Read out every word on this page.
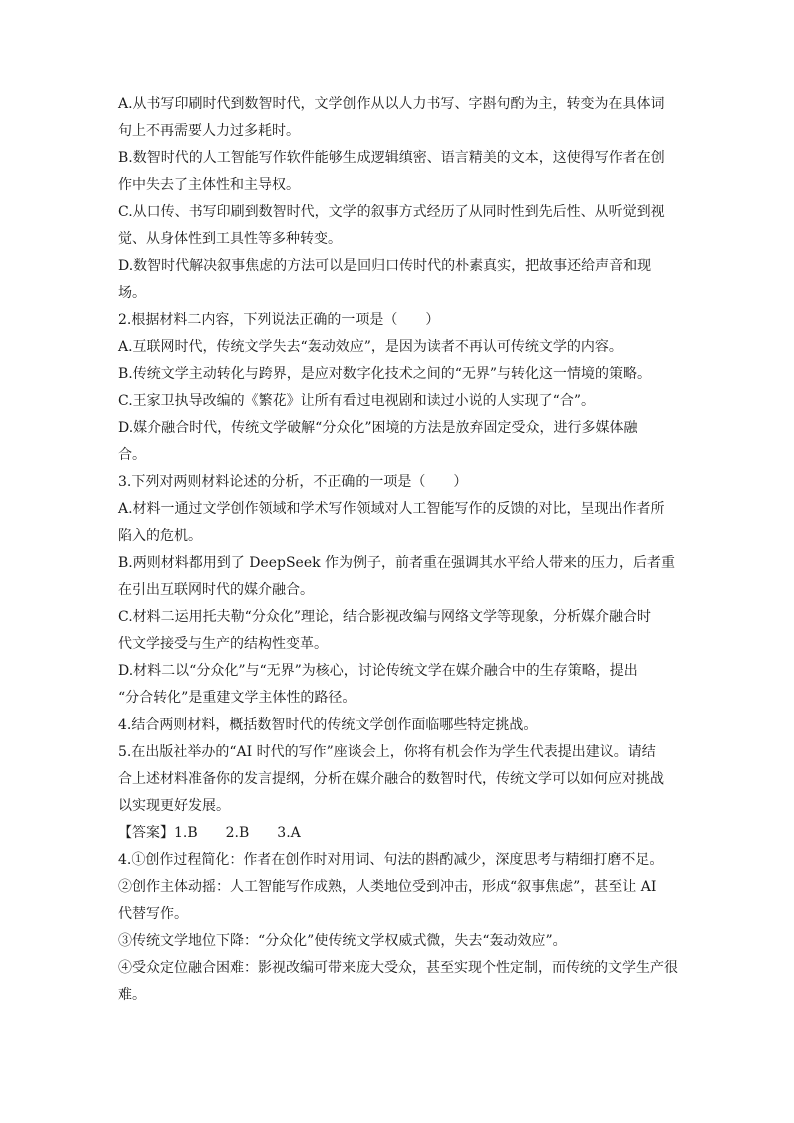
A.从书写印刷时代到数智时代，文学创作从以人力书写、字斟句酌为主，转变为在具体词

句上不再需要人力过多耗时。

B.数智时代的人工智能写作软件能够生成逻辑缜密、语言精美的文本，这使得写作者在创

作中失去了主体性和主导权。

C.从口传、书写印刷到数智时代，文学的叙事方式经历了从同时性到先后性、从听觉到视

觉、从身体性到工具性等多种转变。

D.数智时代解决叙事焦虑的方法可以是回归口传时代的朴素真实，把故事还给声音和现

场。

2.根据材料二内容，下列说法正确的一项是（　　）

A.互联网时代，传统文学失去“轰动效应”，是因为读者不再认可传统文学的内容。

B.传统文学主动转化与跨界，是应对数字化技术之间的“无界”与转化这一情境的策略。

C.王家卫执导改编的《繁花》让所有看过电视剧和读过小说的人实现了“合”。

D.媒介融合时代，传统文学破解“分众化”困境的方法是放弃固定受众，进行多媒体融

合。

3.下列对两则材料论述的分析，不正确的一项是（　　）

A.材料一通过文学创作领域和学术写作领域对人工智能写作的反馈的对比，呈现出作者所

陷入的危机。

B.两则材料都用到了 DeepSeek 作为例子，前者重在强调其水平给人带来的压力，后者重

在引出互联网时代的媒介融合。

C.材料二运用托夫勒“分众化”理论，结合影视改编与网络文学等现象，分析媒介融合时

代文学接受与生产的结构性变革。

D.材料二以“分众化”与“无界”为核心，讨论传统文学在媒介融合中的生存策略，提出

“分合转化”是重建文学主体性的路径。

4.结合两则材料，概括数智时代的传统文学创作面临哪些特定挑战。

5.在出版社举办的“AI 时代的写作”座谈会上，你将有机会作为学生代表提出建议。请结

合上述材料准备你的发言提纲，分析在媒介融合的数智时代，传统文学可以如何应对挑战

以实现更好发展。

【答案】1.B　　2.B　　3.A

4.①创作过程简化：作者在创作时对用词、句法的斟酌减少，深度思考与精细打磨不足。

②创作主体动摇：人工智能写作成熟，人类地位受到冲击，形成“叙事焦虑”，甚至让 AI

代替写作。

③传统文学地位下降：“分众化”使传统文学权威式微，失去“轰动效应”。

④受众定位融合困难：影视改编可带来庞大受众，甚至实现个性定制，而传统的文学生产很

难。
